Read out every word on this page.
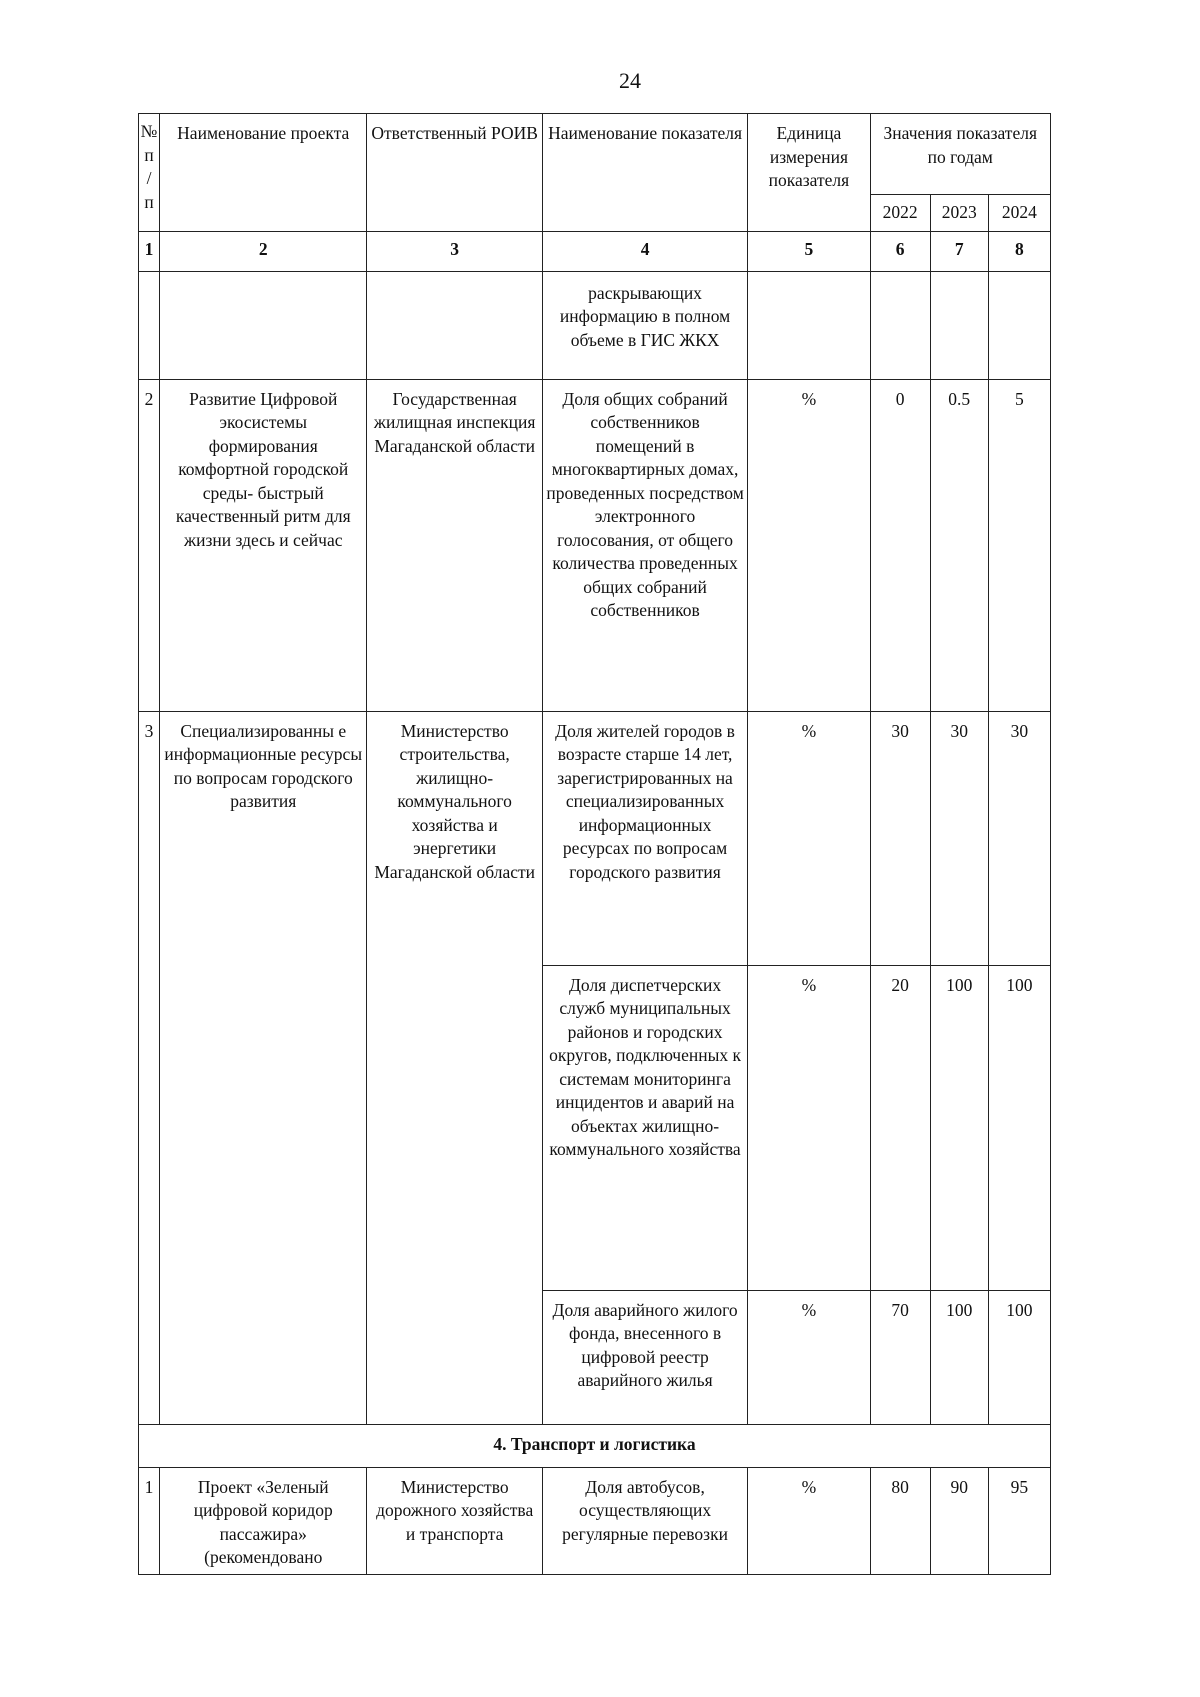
24
№ п / п	Наименование проекта	Ответственный РОИВ	Наименование показателя	Единица измерения показателя	Значения показателя по годам		
					2022	2023	2024
1	2	3	4	5	6	7	8
			раскрывающих информацию в полном объеме в ГИС ЖКХ				
2	Развитие Цифровой экосистемы формирования комфортной городской среды- быстрый качественный ритм для жизни здесь и сейчас	Государственная жилищная инспекция Магаданской области	Доля общих собраний собственников помещений в многоквартирных домах, проведенных посредством электронного голосования, от общего количества проведенных общих собраний собственников	%	0	0.5	5
3	Специализированны е информационные ресурсы по вопросам городского развития	Министерство строительства, жилищно-коммунального хозяйства и энергетики Магаданской области	Доля жителей городов в возрасте старше 14 лет, зарегистрированных на специализированных информационных ресурсах по вопросам городского развития	%	30	30	30
			Доля диспетчерских служб муниципальных районов и городских округов, подключенных к системам мониторинга инцидентов и аварий на объектах жилищно-коммунального хозяйства	%	20	100	100
			Доля аварийного жилого фонда, внесенного в цифровой реестр аварийного жилья	%	70	100	100
4. Транспорт и логистика							
1	Проект «Зеленый цифровой коридор пассажира» (рекомендовано	Министерство дорожного хозяйства и транспорта	Доля автобусов, осуществляющих регулярные перевозки	%	80	90	95
